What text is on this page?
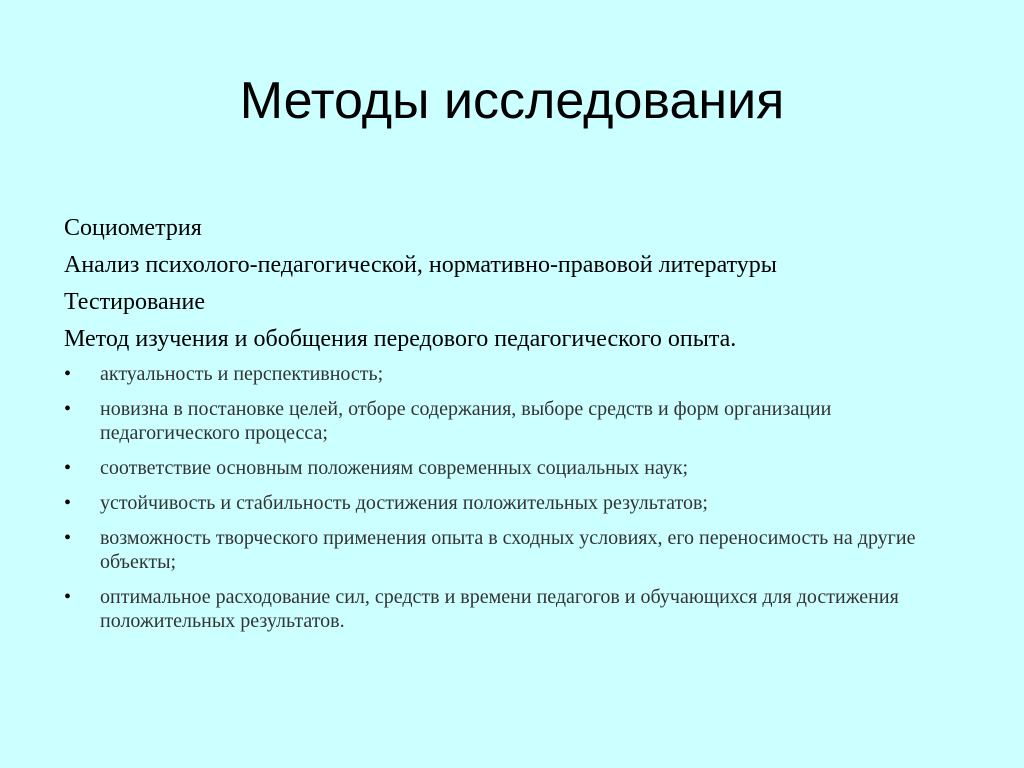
Методы исследования
Социометрия
Анализ психолого-педагогической, нормативно-правовой литературы
Тестирование
Метод изучения и обобщения передового педагогического опыта.
•	актуальность и перспективность;
•	новизна в постановке целей, отборе содержания, выборе средств и форм организации педагогического процесса;
•	соответствие основным положениям современных социальных наук;
•	устойчивость и стабильность достижения положительных результатов;
•	возможность творческого применения опыта в сходных условиях, его переносимость на другие объекты;
•	оптимальное расходование сил, средств и времени педагогов и обучающихся для достижения положительных результатов.
